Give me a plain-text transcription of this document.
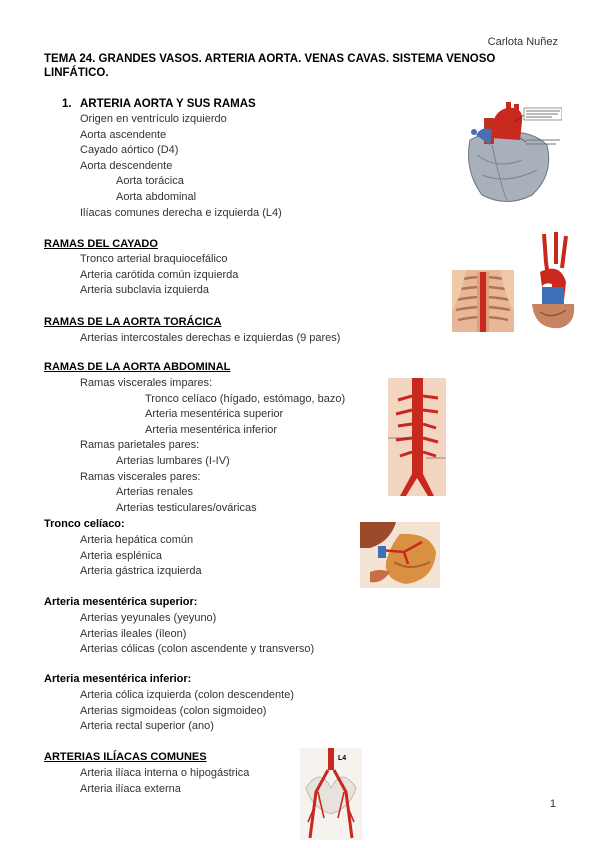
Carlota Nuñez
TEMA 24. GRANDES VASOS. ARTERIA AORTA. VENAS CAVAS. SISTEMA VENOSO LINFÁTICO.
1. ARTERIA AORTA Y SUS RAMAS
- Origen en ventrículo izquierdo
- Aorta ascendente
- Cayado aórtico (D4)
- Aorta descendente
- Aorta torácica
- Aorta abdominal
- Ilíacas comunes derecha e izquierda (L4)
RAMAS DEL CAYADO
- Tronco arterial braquiocefálico
- Arteria carótida común izquierda
- Arteria subclavia izquierda
RAMAS DE LA AORTA TORÁCICA
- Arterias intercostales derechas e izquierdas (9 pares)
RAMAS DE LA AORTA ABDOMINAL
- Ramas viscerales impares:
- Tronco celíaco (hígado, estómago, bazo)
- Arteria mesentérica superior
- Arteria mesentérica inferior
- Ramas parietales pares:
- Arterias lumbares (I-IV)
- Ramas viscerales pares:
- Arterias renales
- Arterias testiculares/ováricas
Tronco celíaco:
- Arteria hepática común
- Arteria esplénica
- Arteria gástrica izquierda
Arteria mesentérica superior:
- Arterias yeyunales (yeyuno)
- Arterias ileales (íleon)
- Arterias cólicas (colon ascendente y transverso)
Arteria mesentérica inferior:
- Arteria cólica izquierda (colon descendente)
- Arterias sigmoideas (colon sigmoideo)
- Arteria rectal superior (ano)
ARTERIAS ILÍACAS COMUNES
- Arteria ilíaca interna o hipogástrica
- Arteria ilíaca externa
1
L4
